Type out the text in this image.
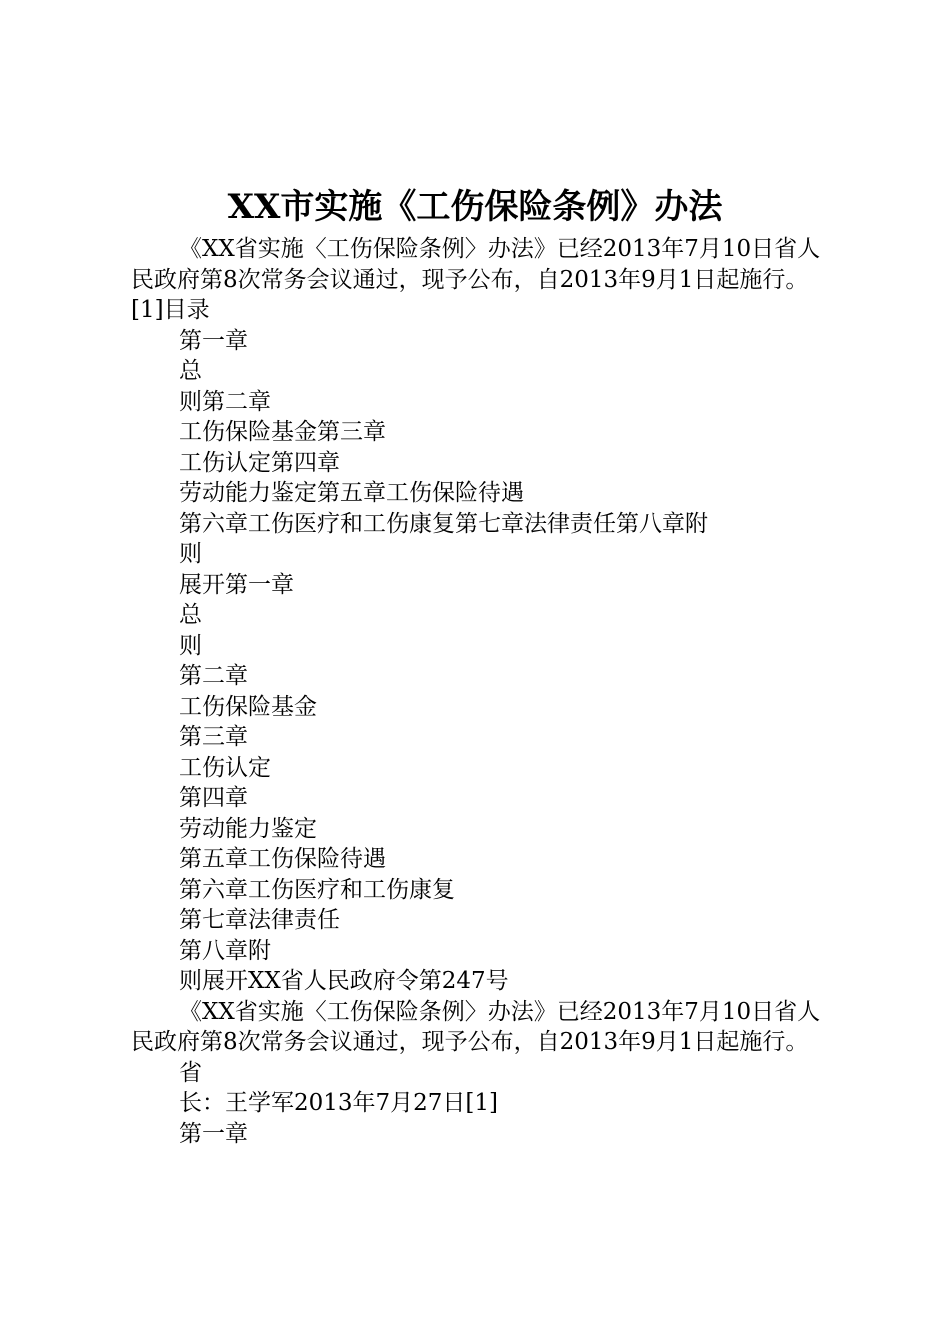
XX市实施《工伤保险条例》办法

《XX省实施〈工伤保险条例〉办法》已经2013年7月10日省人民政府第8次常务会议通过，现予公布，自2013年9月1日起施行。[1]目录

第一章

总

则第二章

工伤保险基金第三章

工伤认定第四章

劳动能力鉴定第五章工伤保险待遇

第六章工伤医疗和工伤康复第七章法律责任第八章附

则

展开第一章

总

则

第二章

工伤保险基金

第三章

工伤认定

第四章

劳动能力鉴定

第五章工伤保险待遇

第六章工伤医疗和工伤康复

第七章法律责任

第八章附

则展开XX省人民政府令第247号

《XX省实施〈工伤保险条例〉办法》已经2013年7月10日省人民政府第8次常务会议通过，现予公布，自2013年9月1日起施行。

省

长：王学军2013年7月27日[1]

第一章
